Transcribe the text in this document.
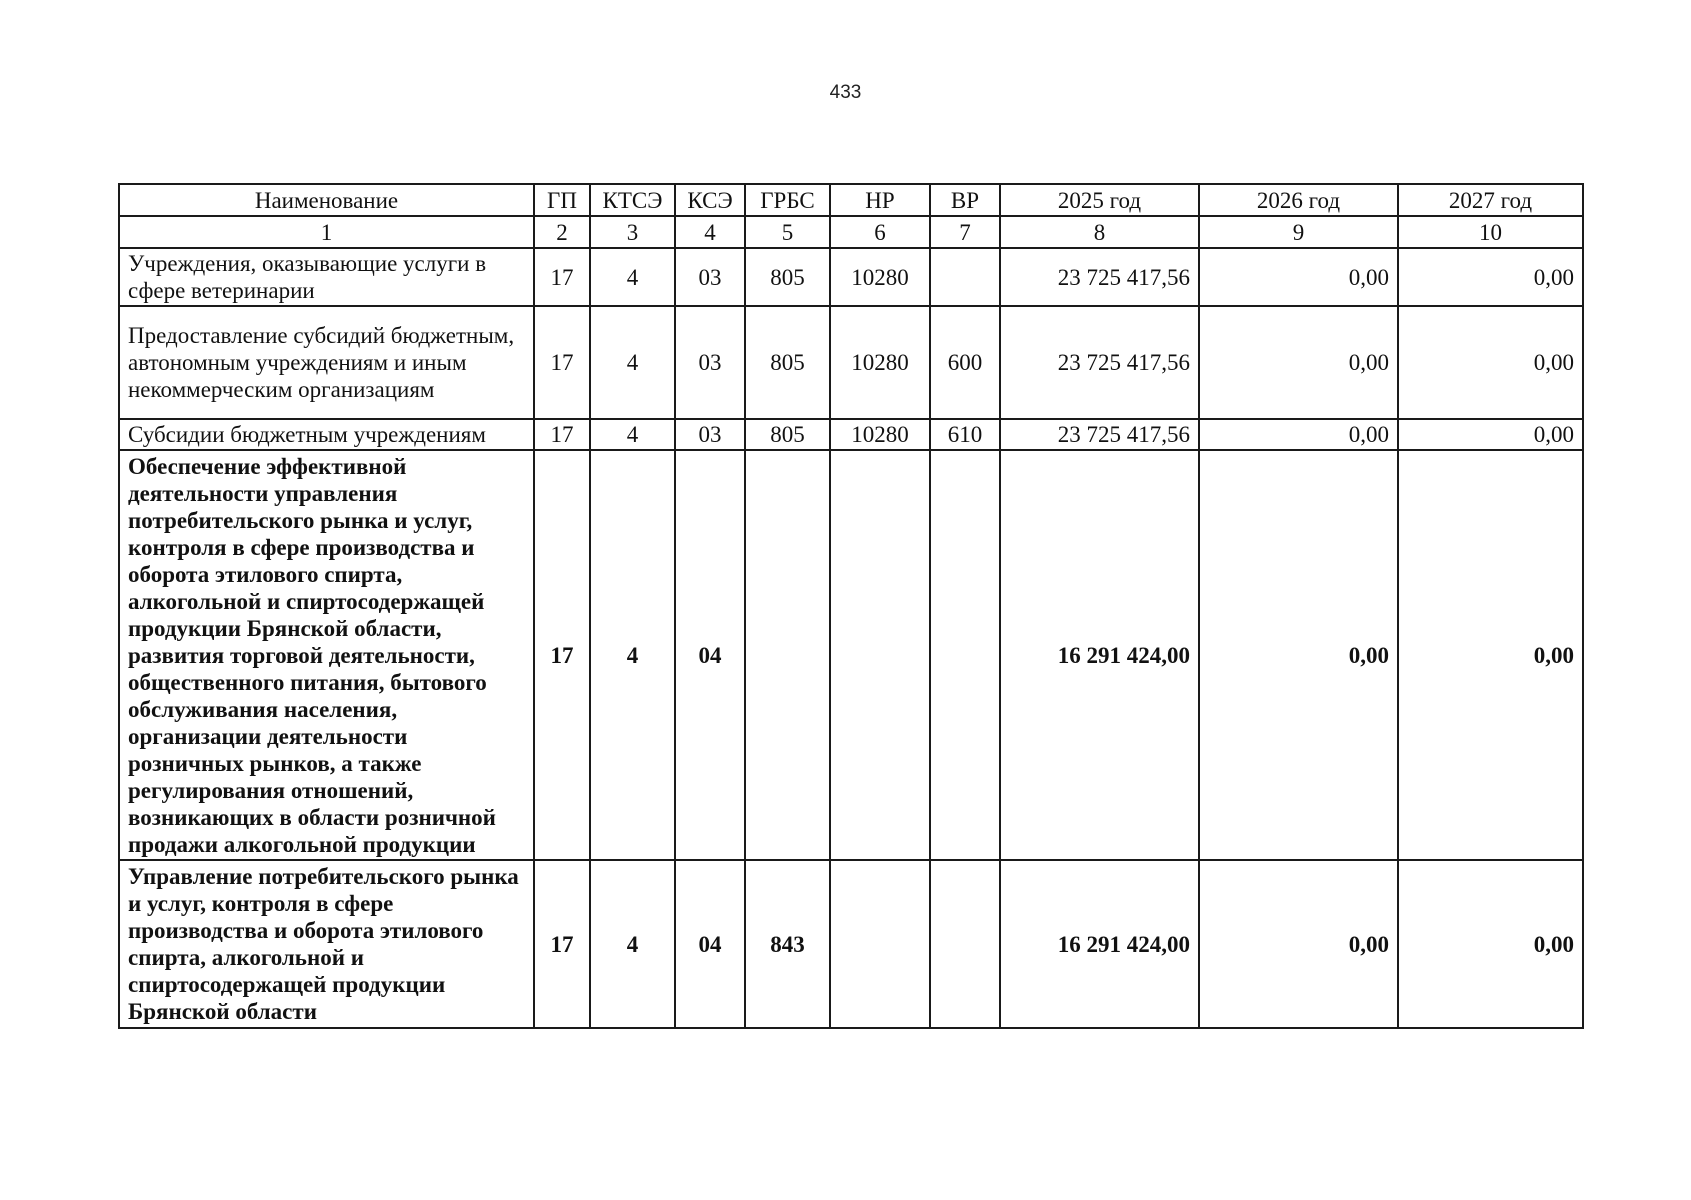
433
Наименование	ГП	КТСЭ	КСЭ	ГРБС	НР	ВР	2025 год	2026 год	2027 год
1	2	3	4	5	6	7	8	9	10
Учреждения, оказывающие услуги в сфере ветеринарии	17	4	03	805	10280		23 725 417,56	0,00	0,00
Предоставление субсидий бюджетным, автономным учреждениям и иным некоммерческим организациям	17	4	03	805	10280	600	23 725 417,56	0,00	0,00
Субсидии бюджетным учреждениям	17	4	03	805	10280	610	23 725 417,56	0,00	0,00
Обеспечение эффективной деятельности управления потребительского рынка и услуг, контроля в сфере производства и оборота этилового спирта, алкогольной и спиртосодержащей продукции Брянской области, развития торговой деятельности, общественного питания, бытового обслуживания населения, организации деятельности розничных рынков, а также регулирования отношений, возникающих в области розничной продажи алкогольной продукции	17	4	04				16 291 424,00	0,00	0,00
Управление потребительского рынка и услуг, контроля в сфере производства и оборота этилового спирта, алкогольной и спиртосодержащей продукции Брянской области	17	4	04	843			16 291 424,00	0,00	0,00
